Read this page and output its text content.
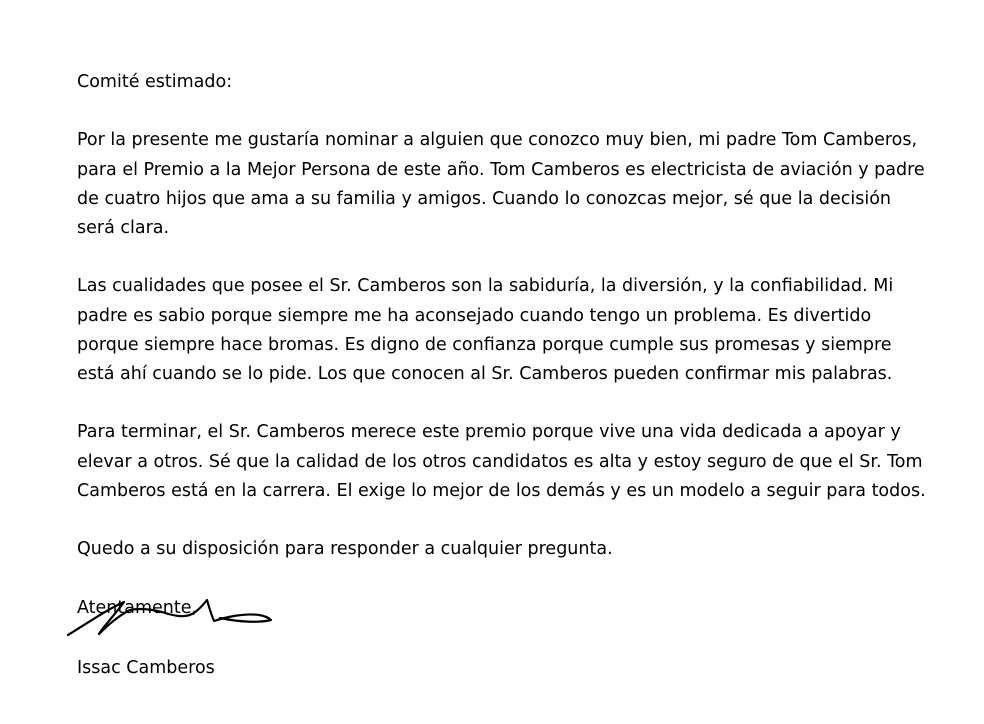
Comité estimado:

Por la presente me gustaría nominar a alguien que conozco muy bien, mi padre Tom Camberos, para el Premio a la Mejor Persona de este año. Tom Camberos es electricista de aviación y padre de cuatro hijos que ama a su familia y amigos. Cuando lo conozcas mejor, sé que la decisión será clara.

Las cualidades que posee el Sr. Camberos son la sabiduría, la diversión, y la confiabilidad. Mi padre es sabio porque siempre me ha aconsejado cuando tengo un problema. Es divertido porque siempre hace bromas. Es digno de confianza porque cumple sus promesas y siempre está ahí cuando se lo pide. Los que conocen al Sr. Camberos pueden confirmar mis palabras.

Para terminar, el Sr. Camberos merece este premio porque vive una vida dedicada a apoyar y elevar a otros. Sé que la calidad de los otros candidatos es alta y estoy seguro de que el Sr. Tom Camberos está en la carrera. El exige lo mejor de los demás y es un modelo a seguir para todos.

Quedo a su disposición para responder a cualquier pregunta.

Atentamente,

Issac Camberos
